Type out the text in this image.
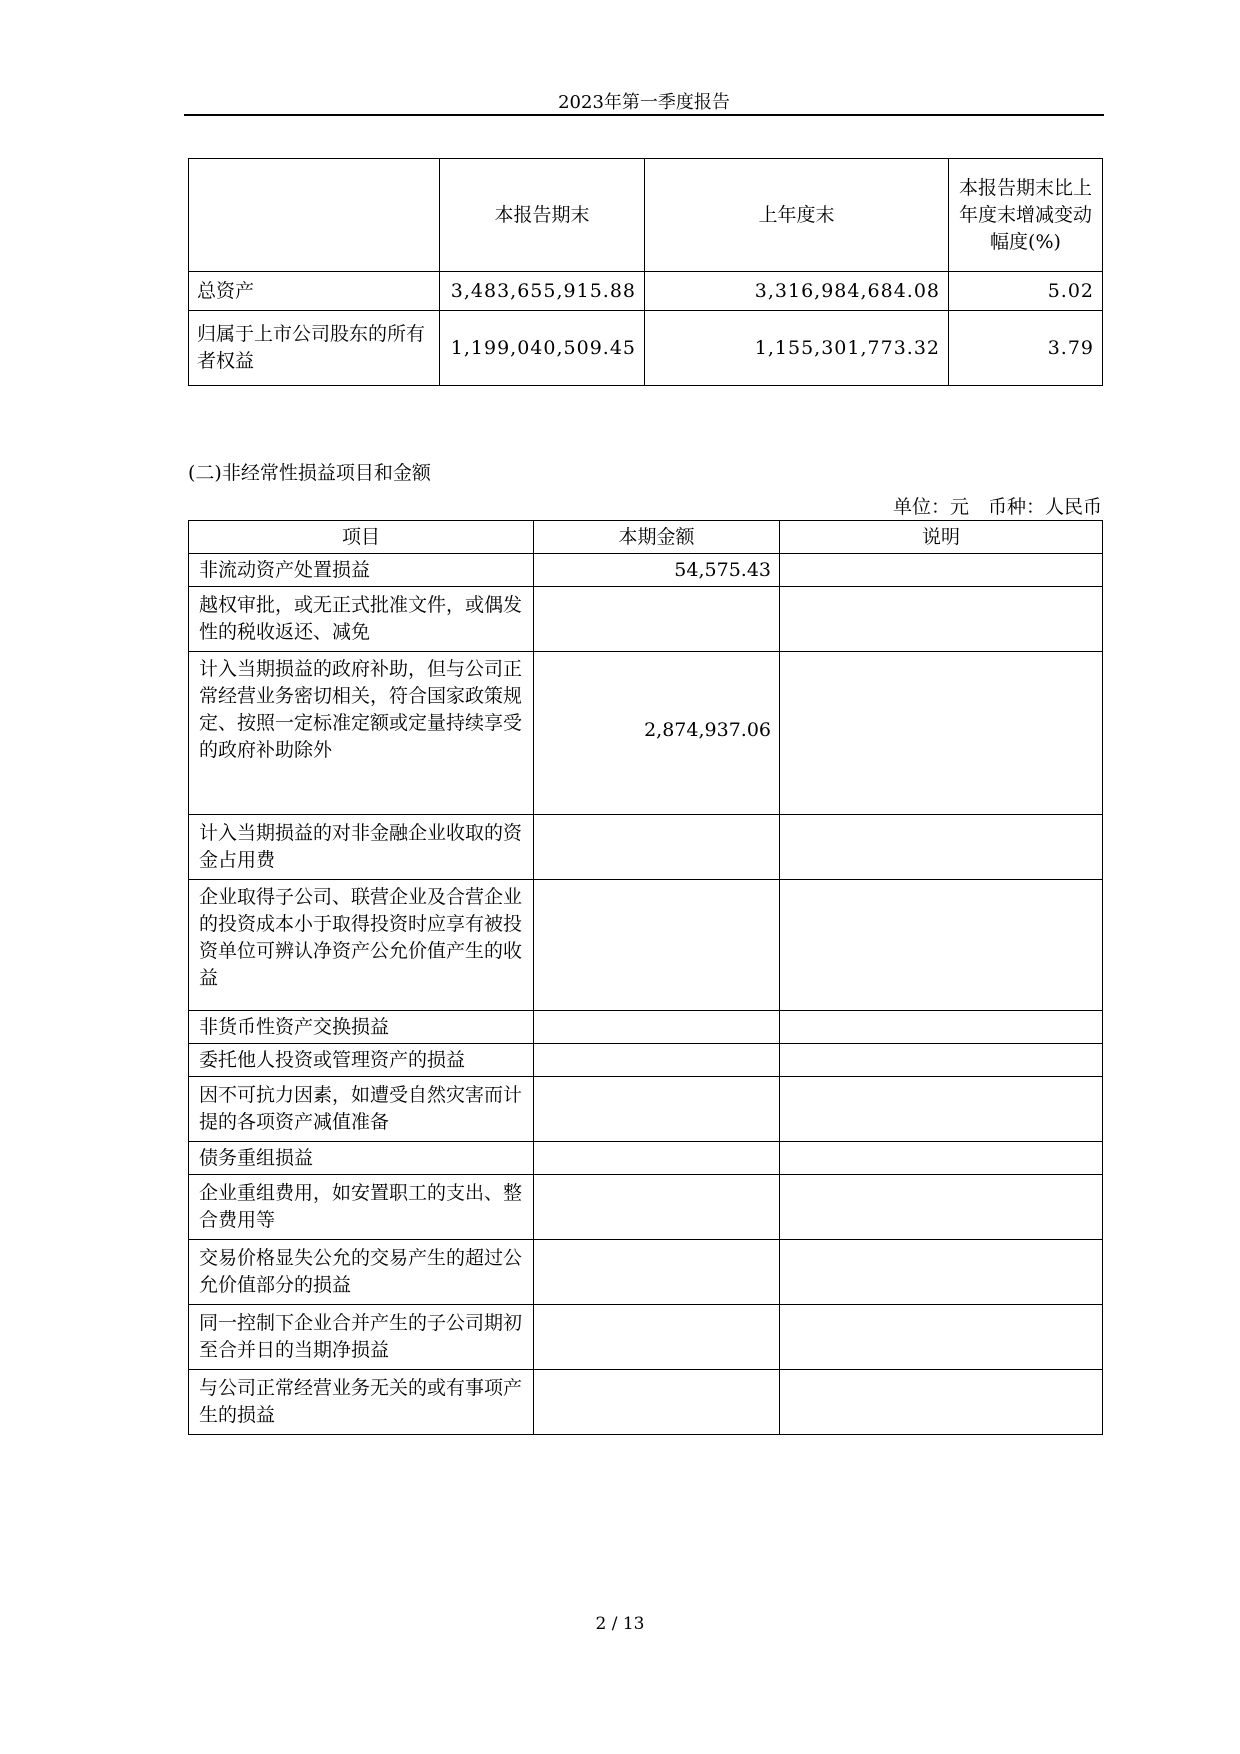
2023年第一季度报告
	本报告期末	上年度末	本报告期末比上年度末增减变动幅度(%)
总资产	3,483,655,915.88	3,316,984,684.08	5.02
归属于上市公司股东的所有者权益	1,199,040,509.45	1,155,301,773.32	3.79
(二)非经常性损益项目和金额
单位：元　币种：人民币
项目	本期金额	说明
非流动资产处置损益	54,575.43	
越权审批，或无正式批准文件，或偶发性的税收返还、减免		
计入当期损益的政府补助，但与公司正常经营业务密切相关，符合国家政策规定、按照一定标准定额或定量持续享受的政府补助除外	2,874,937.06	
计入当期损益的对非金融企业收取的资金占用费		
企业取得子公司、联营企业及合营企业的投资成本小于取得投资时应享有被投资单位可辨认净资产公允价值产生的收益		
非货币性资产交换损益		
委托他人投资或管理资产的损益		
因不可抗力因素，如遭受自然灾害而计提的各项资产减值准备		
债务重组损益		
企业重组费用，如安置职工的支出、整合费用等		
交易价格显失公允的交易产生的超过公允价值部分的损益		
同一控制下企业合并产生的子公司期初至合并日的当期净损益		
与公司正常经营业务无关的或有事项产生的损益		
2 / 13
